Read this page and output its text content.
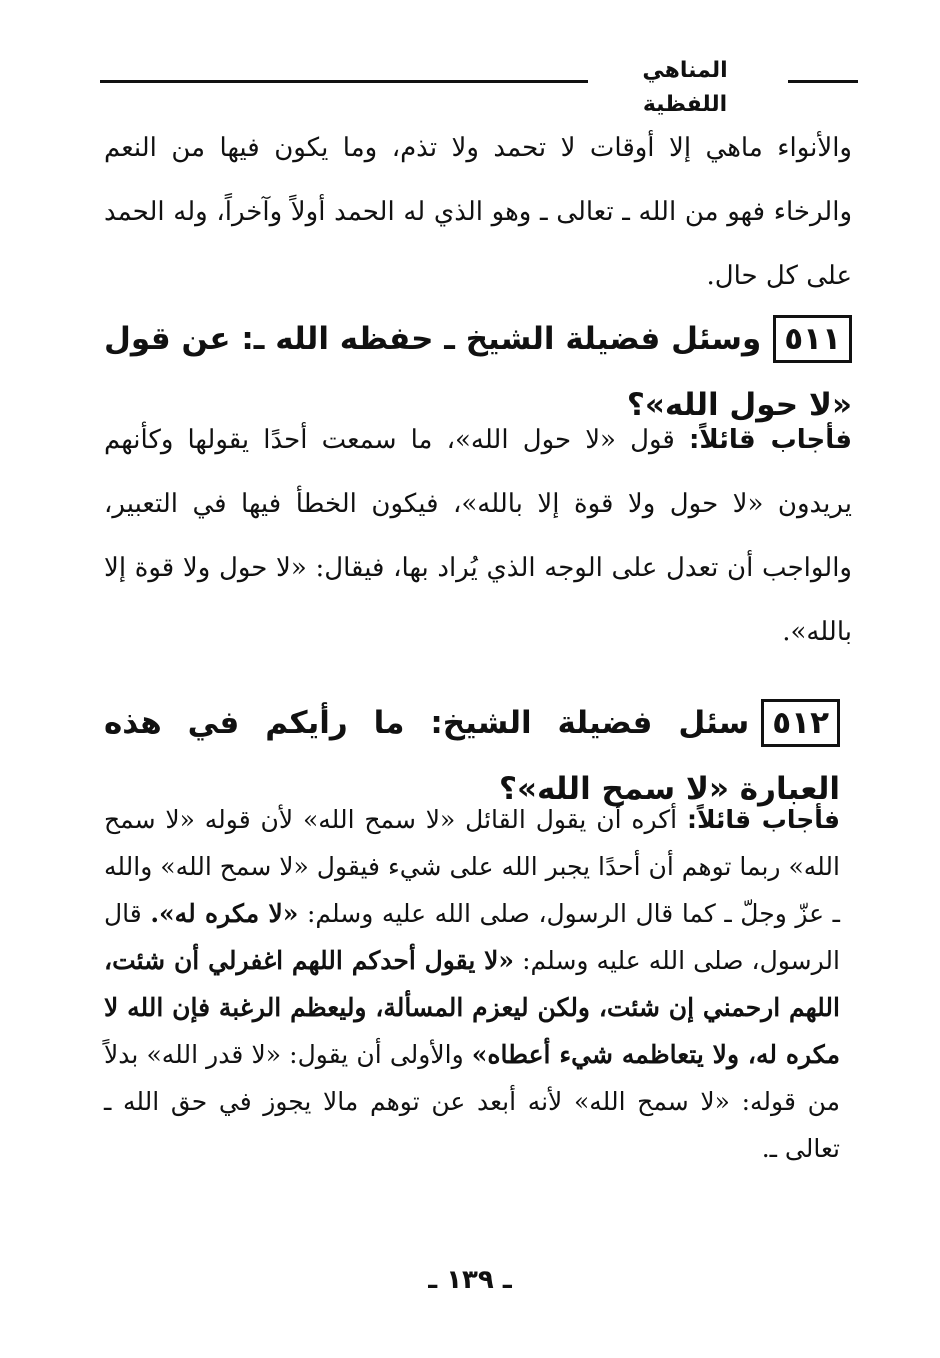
المناهي اللفظية

والأنواء ماهي إلا أوقات لا تحمد ولا تذم، وما يكون فيها من النعم والرخاء فهو من الله ـ تعالى ـ وهو الذي له الحمد أولاً وآخراً، وله الحمد على كل حال.

٥١١وسئل فضيلة الشيخ ـ حفظه الله ـ: عن قول «لا حول الله»؟

فأجاب قائلاً: قول «لا حول الله»، ما سمعت أحدًا يقولها وكأنهم يريدون «لا حول ولا قوة إلا بالله»، فيكون الخطأ فيها في التعبير، والواجب أن تعدل على الوجه الذي يُراد بها، فيقال: «لا حول ولا قوة إلا بالله».

٥١٢سئل فضيلة الشيخ: ما رأيكم في هذه العبارة «لا سمح الله»؟

فأجاب قائلاً: أكره أن يقول القائل «لا سمح الله» لأن قوله «لا سمح الله» ربما توهم أن أحدًا يجبر الله على شيء فيقول «لا سمح الله» والله ـ عزّ وجلّ ـ كما قال الرسول، صلى الله عليه وسلم: «لا مكره له». قال الرسول، صلى الله عليه وسلم: «لا يقول أحدكم اللهم اغفرلي أن شئت، اللهم ارحمني إن شئت، ولكن ليعزم المسألة، وليعظم الرغبة فإن الله لا مكره له، ولا يتعاظمه شيء أعطاه» والأولى أن يقول: «لا قدر الله» بدلاً من قوله: «لا سمح الله» لأنه أبعد عن توهم مالا يجوز في حق الله ـ تعالى ـ.

ـ ١٣٩ ـ
